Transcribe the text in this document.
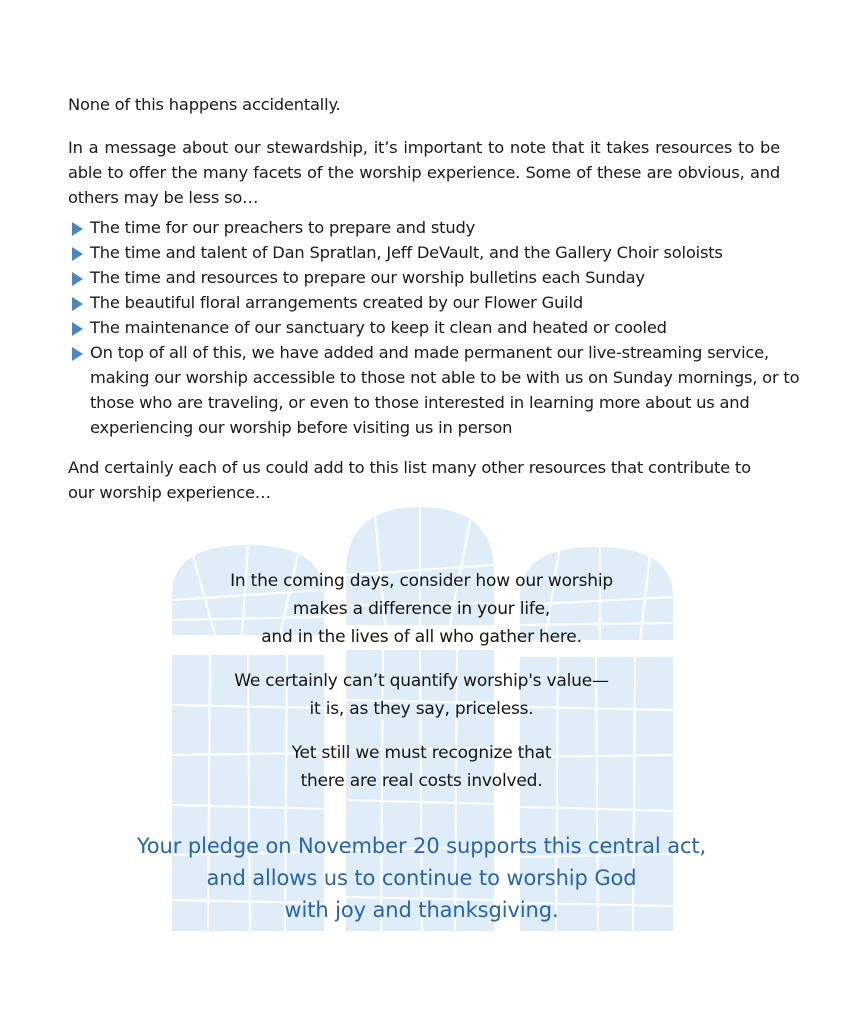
None of this happens accidentally.
In a message about our stewardship, it’s important to note that it takes resources to be able to offer the many facets of the worship experience. Some of these are obvious, and others may be less so…
The time for our preachers to prepare and study
The time and talent of Dan Spratlan, Jeff DeVault, and the Gallery Choir soloists
The time and resources to prepare our worship bulletins each Sunday
The beautiful floral arrangements created by our Flower Guild
The maintenance of our sanctuary to keep it clean and heated or cooled
On top of all of this, we have added and made permanent our live-streaming service, making our worship accessible to those not able to be with us on Sunday mornings, or to those who are traveling, or even to those interested in learning more about us and experiencing our worship before visiting us in person
And certainly each of us could add to this list many other resources that contribute to our worship experience…
In the coming days, consider how our worship
makes a difference in your life,
and in the lives of all who gather here.
We certainly can’t quantify worship's value—
it is, as they say, priceless.
Yet still we must recognize that
there are real costs involved.
Your pledge on November 20 supports this central act,
and allows us to continue to worship God
with joy and thanksgiving.
